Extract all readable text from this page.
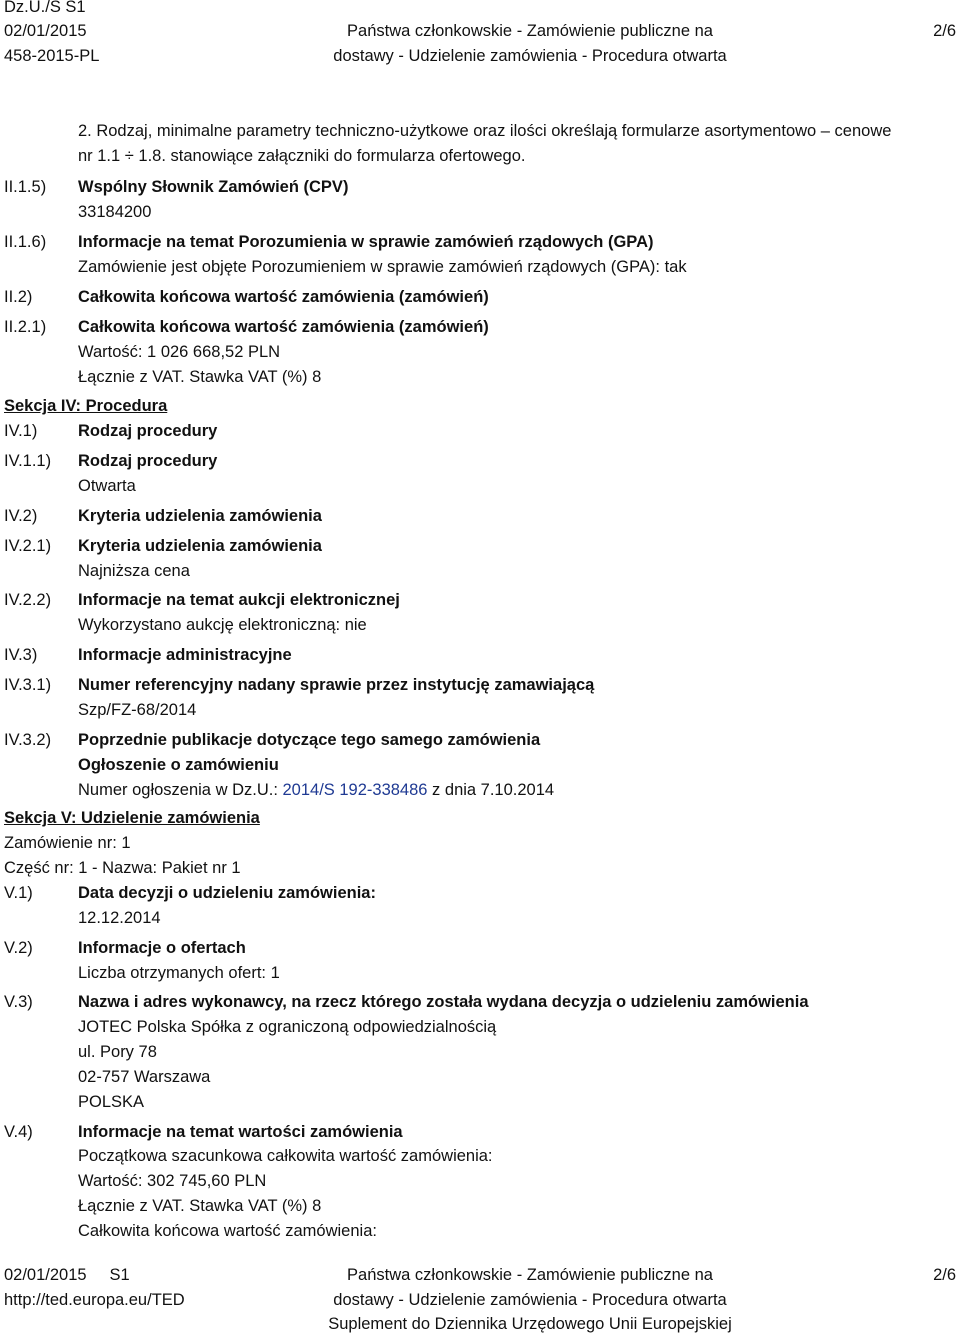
Dz.U./S S1
02/01/2015
458-2015-PL
Państwa członkowskie - Zamówienie publiczne na
dostawy - Udzielenie zamówienia - Procedura otwarta
2/6
2. Rodzaj, minimalne parametry techniczno-użytkowe oraz ilości określają formularze asortymentowo – cenowe
nr 1.1 ÷ 1.8. stanowiące załączniki do formularza ofertowego.
II.1.5) Wspólny Słownik Zamówień (CPV)
33184200
II.1.6) Informacje na temat Porozumienia w sprawie zamówień rządowych (GPA)
Zamówienie jest objęte Porozumieniem w sprawie zamówień rządowych (GPA): tak
II.2)	Całkowita końcowa wartość zamówienia (zamówień)
II.2.1) Całkowita końcowa wartość zamówienia (zamówień)
Wartość: 1 026 668,52 PLN
Łącznie z VAT. Stawka VAT (%) 8
Sekcja IV: Procedura
IV.1) Rodzaj procedury
IV.1.1) Rodzaj procedury
Otwarta
IV.2) Kryteria udzielenia zamówienia
IV.2.1) Kryteria udzielenia zamówienia
Najniższa cena
IV.2.2) Informacje na temat aukcji elektronicznej
Wykorzystano aukcję elektroniczną: nie
IV.3) Informacje administracyjne
IV.3.1) Numer referencyjny nadany sprawie przez instytucję zamawiającą
Szp/FZ-68/2014
IV.3.2) Poprzednie publikacje dotyczące tego samego zamówienia
Ogłoszenie o zamówieniu
Numer ogłoszenia w Dz.U.: 2014/S 192-338486 z dnia 7.10.2014
Sekcja V: Udzielenie zamówienia
Zamówienie nr: 1
Część nr: 1 - Nazwa: Pakiet nr 1
V.1)	Data decyzji o udzieleniu zamówienia:
12.12.2014
V.2)	Informacje o ofertach
Liczba otrzymanych ofert: 1
V.3)	Nazwa i adres wykonawcy, na rzecz którego została wydana decyzja o udzieleniu zamówienia
JOTEC Polska Spółka z ograniczoną odpowiedzialnością
ul. Pory 78
02-757 Warszawa
POLSKA
V.4)	Informacje na temat wartości zamówienia
Początkowa szacunkowa całkowita wartość zamówienia:
Wartość: 302 745,60 PLN
Łącznie z VAT. Stawka VAT (%) 8
Całkowita końcowa wartość zamówienia:
02/01/2015     S1
http://ted.europa.eu/TED
Państwa członkowskie - Zamówienie publiczne na
dostawy - Udzielenie zamówienia - Procedura otwarta
Suplement do Dziennika Urzędowego Unii Europejskiej
2/6
